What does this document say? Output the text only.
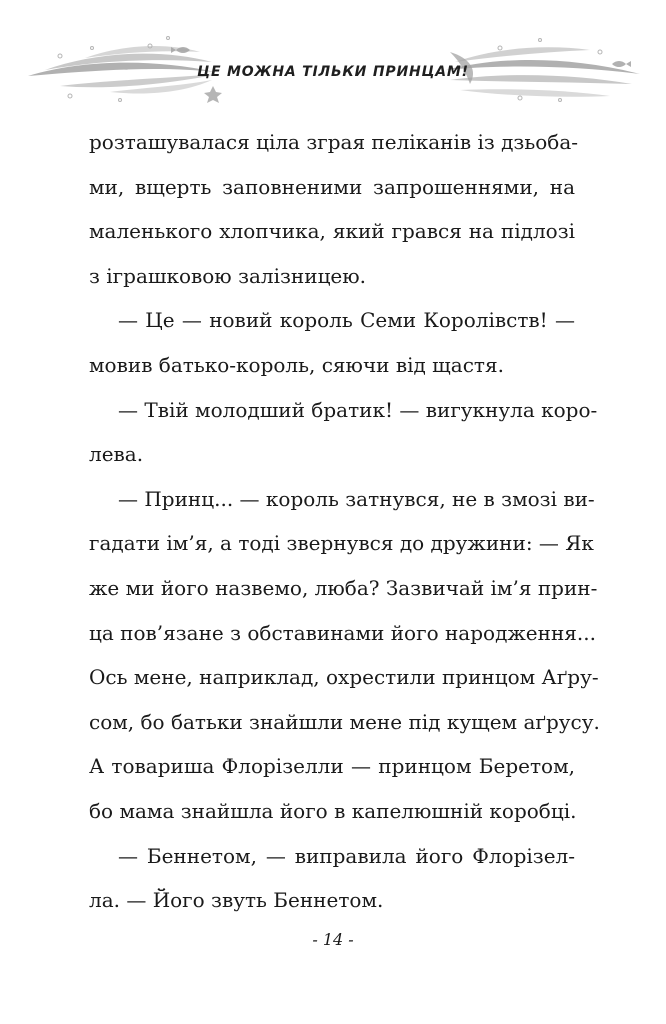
ЦЕ МОЖНА ТІЛЬКИ ПРИНЦАМ!
розташувалася ціла зграя пеліканів із дзьоба-
ми, вщерть заповненими запрошеннями, на
маленького хлопчика, який грався на підлозі
з іграшковою залізницею.
— Це — новий король Семи Королівств! —
мовив батько-король, сяючи від щастя.
— Твій молодший братик! — вигукнула коро-
лева.
— Принц... — король затнувся, не в змозі ви-
гадати ім’я, а тоді звернувся до дружини: — Як
же ми його назвемо, люба? Зазвичай ім’я прин-
ца пов’язане з обставинами його народження...
Ось мене, наприклад, охрестили принцом Аґру-
сом, бо батьки знайшли мене під кущем аґрусу.
А товариша Флорізелли — принцом Беретом,
бо мама знайшла його в капелюшній коробці.
— Беннетом, — виправила його Флорізел-
ла. — Його звуть Беннетом.
- 14 -
